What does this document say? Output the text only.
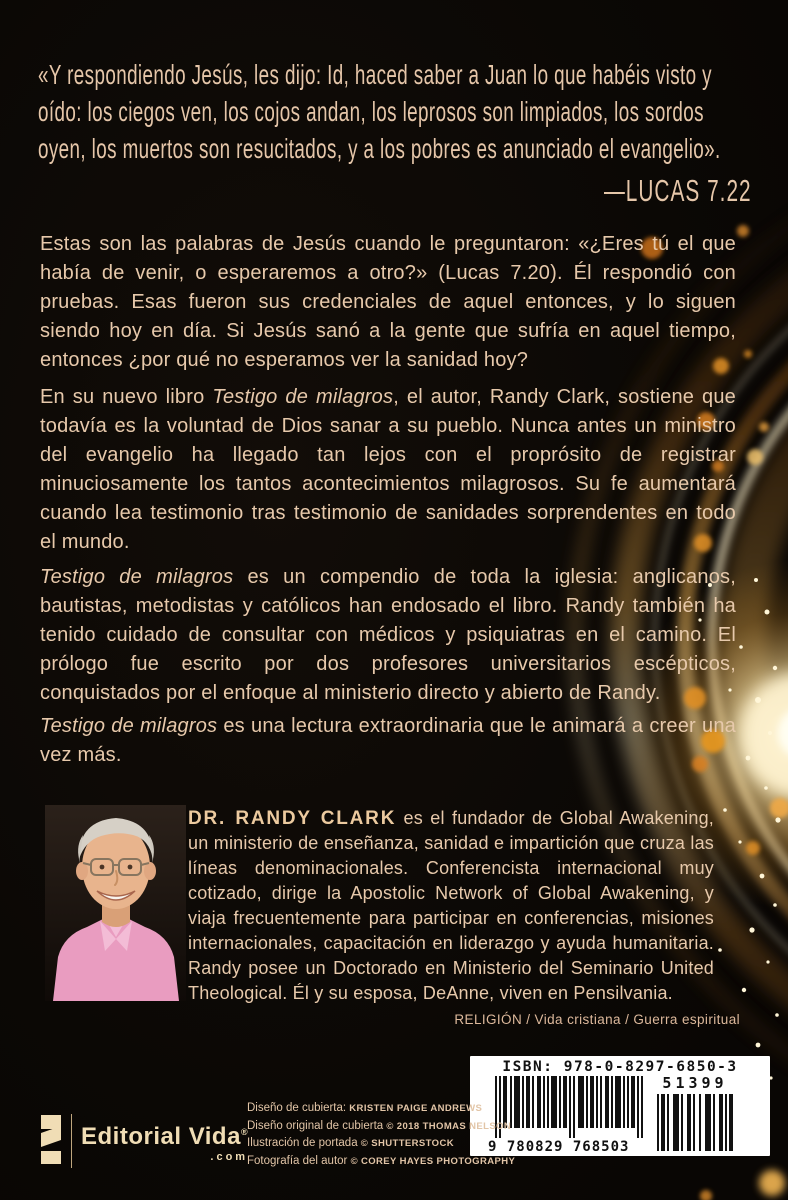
«Y respondiendo Jesús, les dijo: Id, haced saber a Juan lo que habéis visto y oído: los ciegos ven, los cojos andan, los leprosos son limpiados, los sordos oyen, los muertos son resucitados, y a los pobres es anunciado el evangelio».

—LUCAS 7.22

Estas son las palabras de Jesús cuando le preguntaron: «¿Eres tú el que había de venir, o esperaremos a otro?» (Lucas 7.20). Él respondió con pruebas. Esas fueron sus credenciales de aquel entonces, y lo siguen siendo hoy en día. Si Jesús sanó a la gente que sufría en aquel tiempo, entonces ¿por qué no esperamos ver la sanidad hoy?

En su nuevo libro Testigo de milagros, el autor, Randy Clark, sostiene que todavía es la voluntad de Dios sanar a su pueblo. Nunca antes un ministro del evangelio ha llegado tan lejos con el proprósito de registrar minuciosamente los tantos acontecimientos milagrosos. Su fe aumentará cuando lea testimonio tras testimonio de sanidades sorprendentes en todo el mundo.

Testigo de milagros es un compendio de toda la iglesia: anglicanos, bautistas, metodistas y católicos han endosado el libro. Randy también ha tenido cuidado de consultar con médicos y psiquiatras en el camino. El prólogo fue escrito por dos profesores universitarios escépticos, conquistados por el enfoque al ministerio directo y abierto de Randy.

Testigo de milagros es una lectura extraordinaria que le animará a creer una vez más.

DR. RANDY CLARK es el fundador de Global Awakening, un ministerio de enseñanza, sanidad e impartición que cruza las líneas denominacionales. Conferencista internacional muy cotizado, dirige la Apostolic Network of Global Awakening, y viaja frecuentemente para participar en conferencias, misiones internacionales, capacitación en liderazgo y ayuda humanitaria. Randy posee un Doctorado en Ministerio del Seminario United Theological. Él y su esposa, DeAnne, viven en Pensilvania.

RELIGIÓN / Vida cristiana / Guerra espiritual

ISBN: 978-0-8297-6850-3
9 780829 768503
51399
Diseño de cubierta: KRISTEN PAIGE ANDREWS
Diseño original de cubierta © 2018 THOMAS NELSON
Ilustración de portada © SHUTTERSTOCK
Fotografía del autor © COREY HAYES PHOTOGRAPHY
Editorial Vida®
.com
